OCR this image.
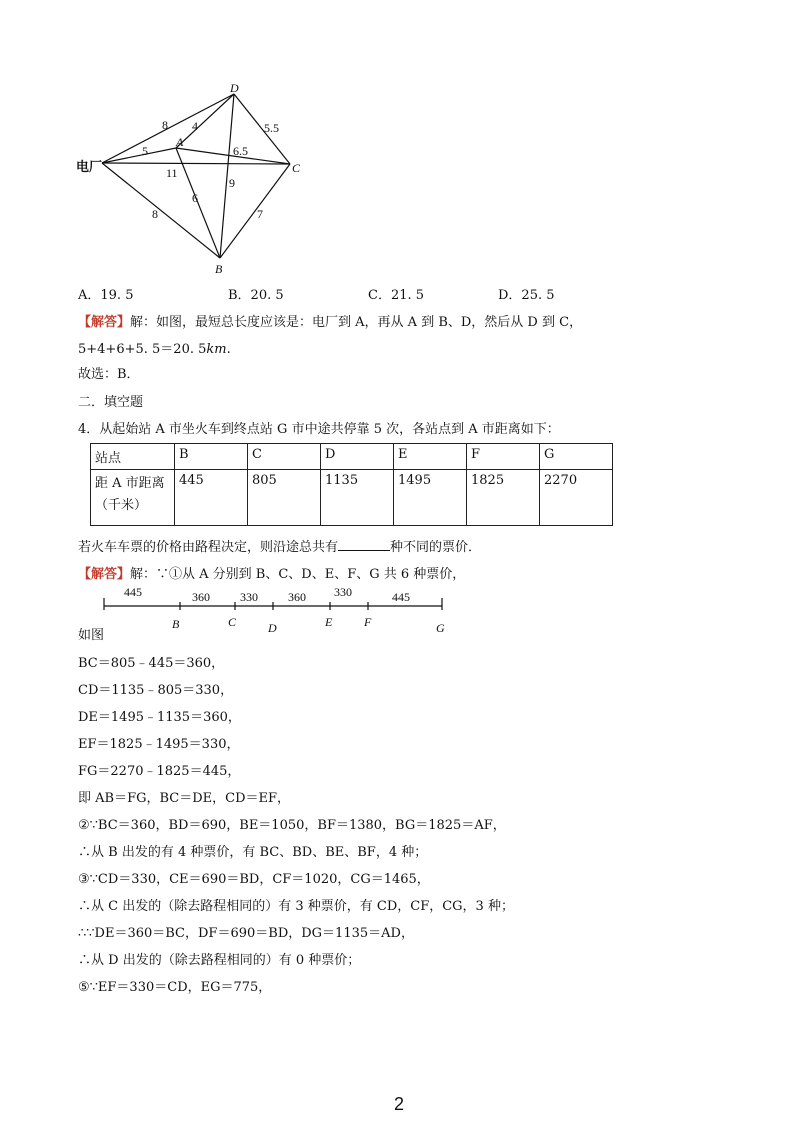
D
A
C
B
8 4	5.5
5	6.5
11
9
6
8	7
电厂
A．19. 5	B．20. 5	C．21. 5	D．25. 5
【解答】解：如图，最短总长度应该是：电厂到 A，再从 A 到 B、D，然后从 D 到 C，
5+4+6+5. 5＝20. 5km.
故选：B．
二．填空题
4．从起始站 A 市坐火车到终点站 G 市中途共停靠 5 次，各站点到 A 市距离如下：
站点	B	C	D	E	F	G
距 A 市距离
（千米）	445	805	1135	1495	1825	2270
若火车车票的价格由路程决定，则沿途总共有	种不同的票价．
【解答】解：∵①从 A 分别到 B、C、D、E、F、G 共 6 种票价，
445	360	330	360 330	445
B	C	D	E	F	G
如图
BC＝805﹣445＝360，
CD＝1135﹣805＝330，
DE＝1495﹣1135＝360，
EF＝1825﹣1495＝330，
FG＝2270﹣1825＝445，
即 AB＝FG，BC＝DE，CD＝EF，
②∵BC＝360，BD＝690，BE＝1050，BF＝1380，BG＝1825＝AF，
∴从 B 出发的有 4 种票价，有 BC、BD、BE、BF，4 种；
③∵CD＝330，CE＝690＝BD，CF＝1020，CG＝1465，
∴从 C 出发的（除去路程相同的）有 3 种票价，有 CD，CF，CG，3 种；
∴∵DE＝360＝BC，DF＝690＝BD，DG＝1135＝AD，
∴从 D 出发的（除去路程相同的）有 0 种票价；
⑤∵EF＝330＝CD，EG＝775，
2
